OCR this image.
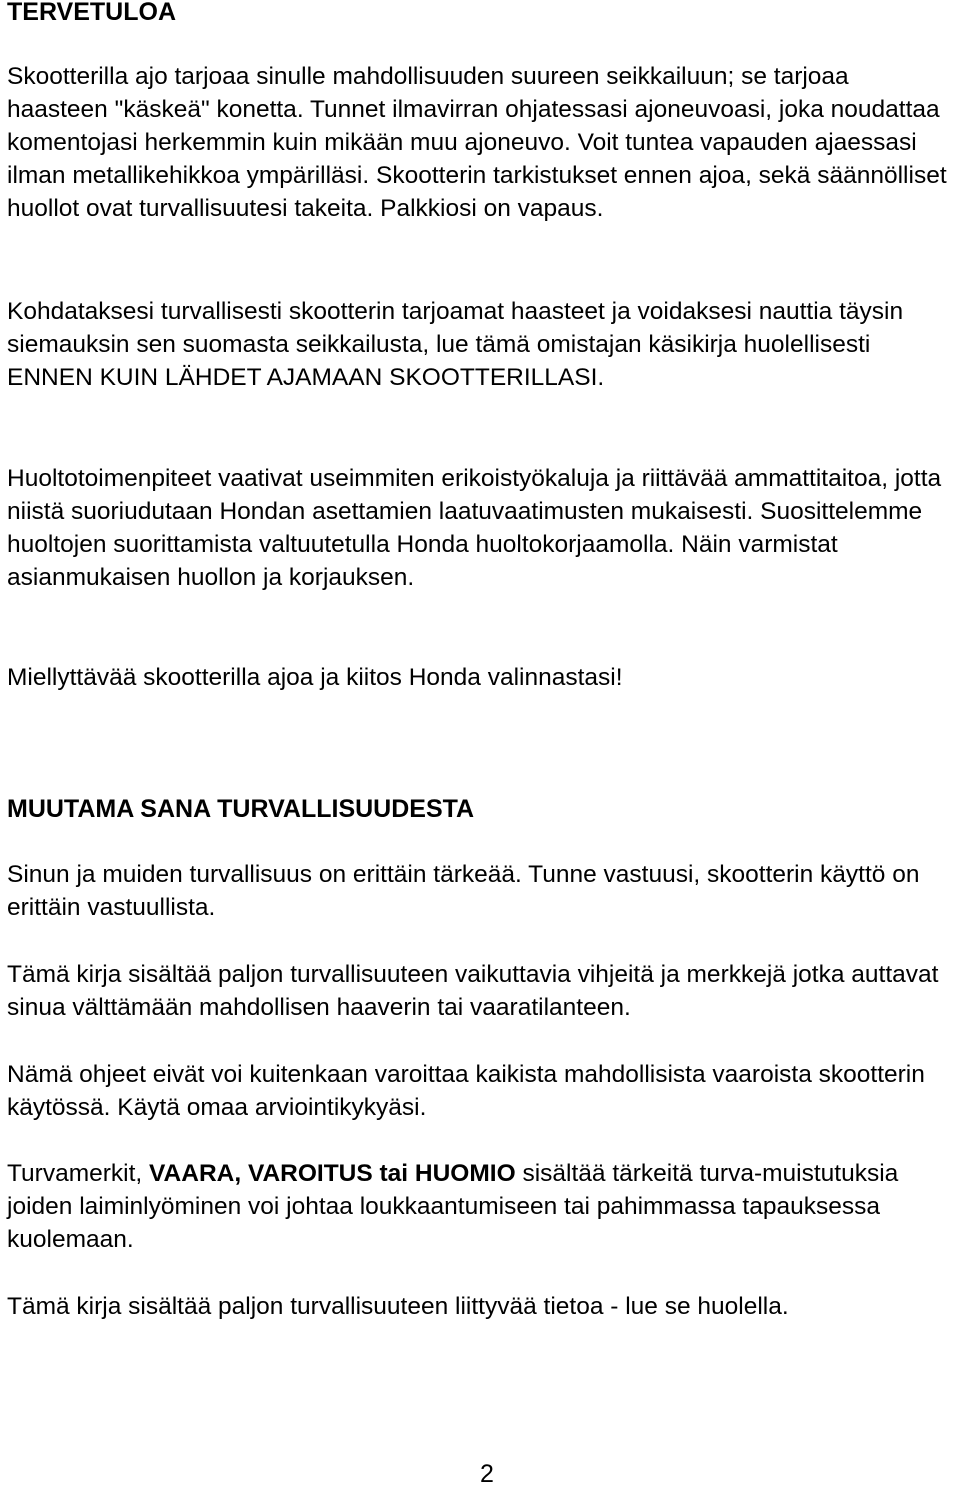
TERVETULOA

Skootterilla ajo tarjoaa sinulle mahdollisuuden suureen seikkailuun; se tarjoaa haasteen "käskeä" konetta. Tunnet ilmavirran ohjatessasi ajoneuvoasi, joka noudattaa komentojasi herkemmin kuin mikään muu ajoneuvo. Voit tuntea vapauden ajaessasi ilman metallikehikkoa ympärilläsi. Skootterin tarkistukset ennen ajoa, sekä säännölliset huollot ovat turvallisuutesi takeita. Palkkiosi on vapaus.

Kohdataksesi turvallisesti skootterin tarjoamat haasteet ja voidaksesi nauttia täysin siemauksin sen suomasta seikkailusta, lue tämä omistajan käsikirja huolellisesti ENNEN KUIN LÄHDET AJAMAAN SKOOTTERILLASI.

Huoltotoimenpiteet vaativat useimmiten erikoistyökaluja ja riittävää ammattitaitoa, jotta niistä suoriudutaan Hondan asettamien laatuvaatimusten mukaisesti. Suosittelemme huoltojen suorittamista valtuutetulla Honda huoltokorjaamolla. Näin varmistat asianmukaisen huollon ja korjauksen.

Miellyttävää skootterilla ajoa ja kiitos Honda valinnastasi!

MUUTAMA SANA TURVALLISUUDESTA

Sinun ja muiden turvallisuus on erittäin tärkeää. Tunne vastuusi, skootterin käyttö on erittäin vastuullista.

Tämä kirja sisältää paljon turvallisuuteen vaikuttavia vihjeitä ja merkkejä jotka auttavat sinua välttämään mahdollisen haaverin tai vaaratilanteen.

Nämä ohjeet eivät voi kuitenkaan varoittaa kaikista mahdollisista vaaroista skootterin käytössä. Käytä omaa arviointikykyäsi.

Turvamerkit, VAARA, VAROITUS tai HUOMIO sisältää tärkeitä turva-muistutuksia joiden laiminlyöminen voi johtaa loukkaantumiseen tai pahimmassa tapauksessa kuolemaan.

Tämä kirja sisältää paljon turvallisuuteen liittyvää tietoa - lue se huolella.

2
